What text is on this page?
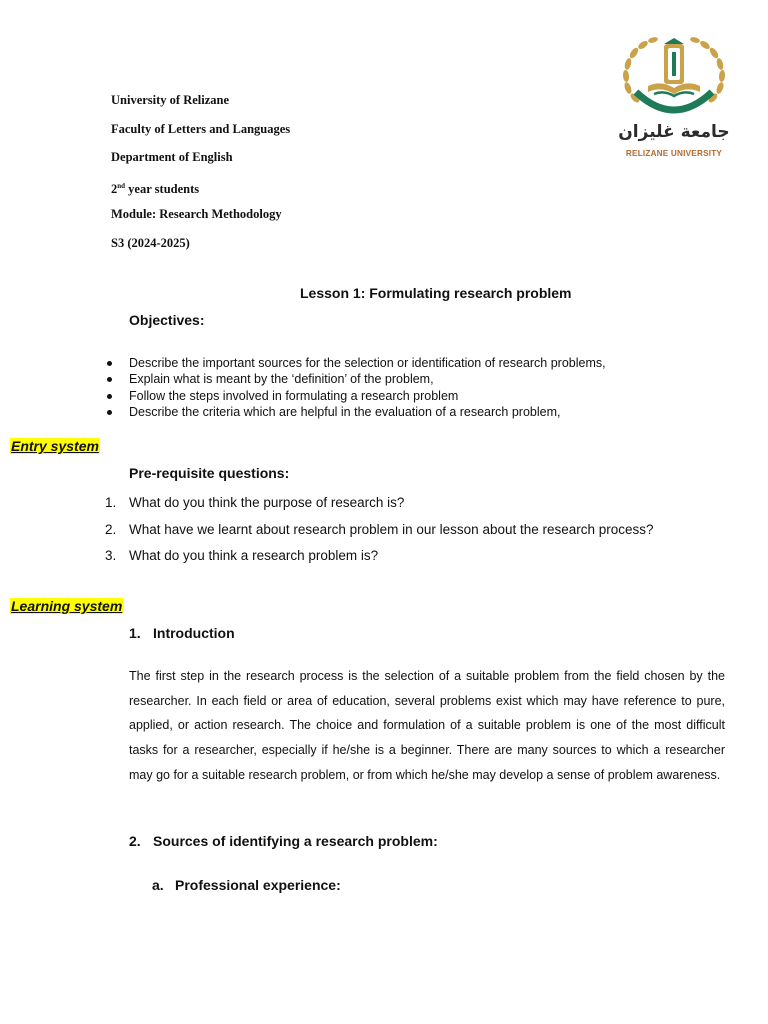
University of Relizane
Faculty of Letters and Languages
Department of English
2nd year students
Module: Research Methodology
S3 (2024-2025)
جامعة غليزان
RELIZANE UNIVERSITY
Lesson 1: Formulating research problem
Objectives:
Describe the important sources for the selection or identification of research problems,
Explain what is meant by the ‘definition’ of the problem,
Follow the steps involved in formulating a research problem
Describe the criteria which are helpful in the evaluation of a research problem,
Entry system
Pre-requisite questions:
1. What do you think the purpose of research is?
2. What have we learnt about research problem in our lesson about the research process?
3. What do you think a research problem is?
Learning system
1. Introduction
The first step in the research process is the selection of a suitable problem from the field chosen by the researcher. In each field or area of education, several problems exist which may have reference to pure, applied, or action research. The choice and formulation of a suitable problem is one of the most difficult tasks for a researcher, especially if he/she is a beginner. There are many sources to which a researcher may go for a suitable research problem, or from which he/she may develop a sense of problem awareness.
2. Sources of identifying a research problem:
a. Professional experience:
